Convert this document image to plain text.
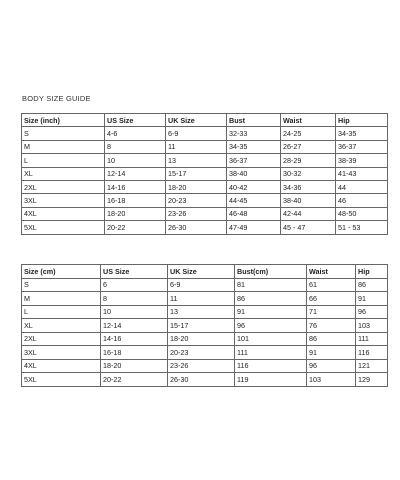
BODY SIZE GUIDE
Size (inch)	US Size	UK Size	Bust	Waist	Hip
S	4-6	6-9	32-33	24-25	34-35
M	8	11	34-35	26-27	36-37
L	10	13	36-37	28-29	38-39
XL	12-14	15-17	38-40	30-32	41-43
2XL	14-16	18-20	40-42	34-36	44
3XL	16-18	20-23	44-45	38-40	46
4XL	18-20	23-26	46-48	42-44	48-50
5XL	20-22	26-30	47-49	45 - 47	51 - 53
Size (cm)	US Size	UK Size	Bust(cm)	Waist	Hip
S	6	6-9	81	61	86
M	8	11	86	66	91
L	10	13	91	71	96
XL	12-14	15-17	96	76	103
2XL	14-16	18-20	101	86	111
3XL	16-18	20-23	111	91	116
4XL	18-20	23-26	116	96	121
5XL	20-22	26-30	119	103	129
